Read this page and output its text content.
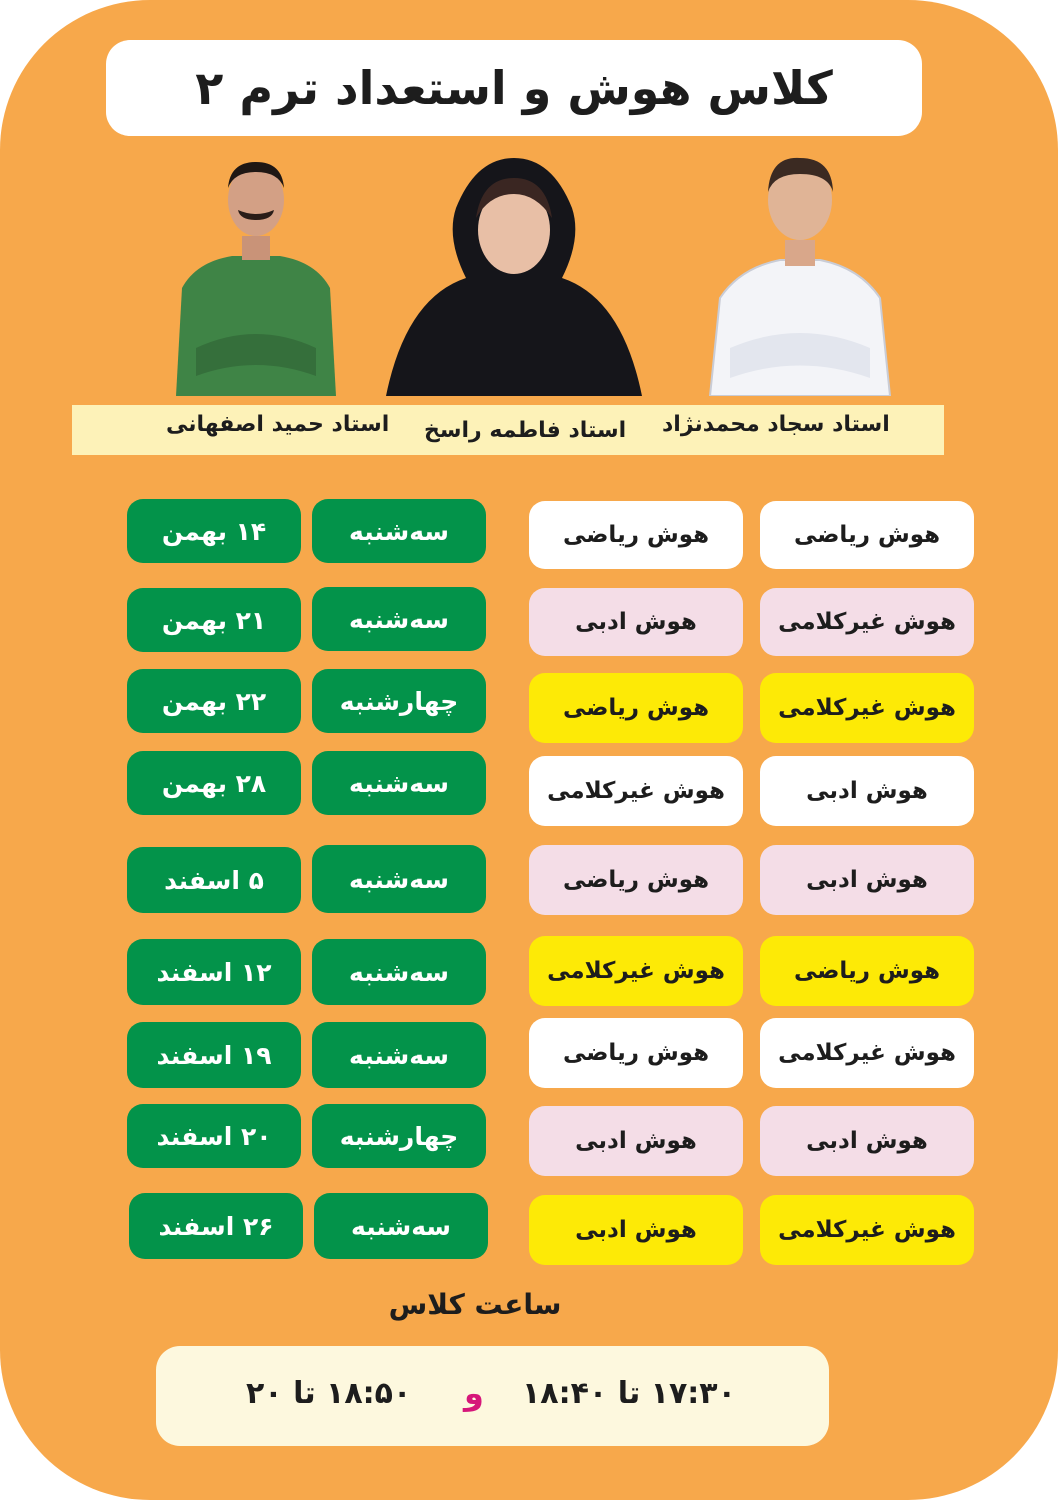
کلاس هوش و استعداد ترم ۲
استاد سجاد محمدنژاد
استاد فاطمه راسخ
استاد حمید اصفهانی
هوش ریاضی
هوش ریاضی
سه‌شنبه
۱۴ بهمن
هوش غیرکلامی
هوش ادبی
سه‌شنبه
۲۱ بهمن
هوش غیرکلامی
هوش ریاضی
چهارشنبه
۲۲ بهمن
هوش ادبی
هوش غیرکلامی
سه‌شنبه
۲۸ بهمن
هوش ادبی
هوش ریاضی
سه‌شنبه
۵ اسفند
هوش ریاضی
هوش غیرکلامی
سه‌شنبه
۱۲ اسفند
هوش غیرکلامی
هوش ریاضی
سه‌شنبه
۱۹ اسفند
هوش ادبی
هوش ادبی
چهارشنبه
۲۰ اسفند
هوش غیرکلامی
هوش ادبی
سه‌شنبه
۲۶ اسفند
ساعت کلاس
۱۷:۳۰ تا ۱۸:۴۰
و
۱۸:۵۰ تا ۲۰
